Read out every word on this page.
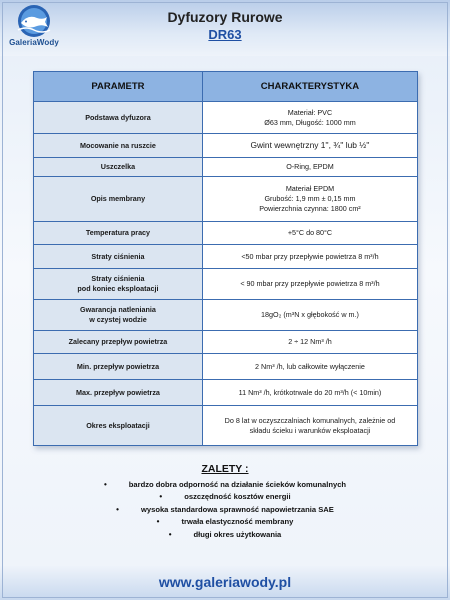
GaleriaWody
Dyfuzory Rurowe
DR63
PARAMETR	CHARAKTERYSTYKA
Podstawa dyfuzora	Materiał: PVC
Ø63 mm, Długość: 1000 mm
Mocowanie na ruszcie	Gwint wewnętrzny 1'', ¾'' lub ½''
Uszczelka	O-Ring, EPDM
Opis membrany	Materiał EPDM
Grubość: 1,9 mm ± 0,15 mm
Powierzchnia czynna: 1800 cm²
Temperatura pracy	+5°C do 80°C
Straty ciśnienia	<50 mbar przy przepływie powietrza 8 m³/h
Straty ciśnienia
pod koniec eksploatacji	< 90 mbar przy przepływie powietrza 8 m³/h
Gwarancja natleniania
w czystej wodzie	18gO₂ (m³N x głębokość w m.)
Zalecany przepływ powietrza	2 ÷ 12 Nm³ /h
Min. przepływ powietrza	2 Nm³ /h, lub całkowite wyłączenie
Max. przepływ powietrza	11 Nm³ /h, krótkotrwale do 20 m³/h (< 10min)
Okres eksploatacji	Do 8 lat w oczyszczalniach komunalnych, zależnie od
składu ścieku i warunków eksploatacji
ZALETY :
• bardzo dobra odporność na działanie ścieków komunalnych
• oszczędność kosztów energii
• wysoka standardowa sprawność napowietrzania SAE
• trwała elastyczność membrany
• długi okres użytkowania
www.galeriawody.pl
